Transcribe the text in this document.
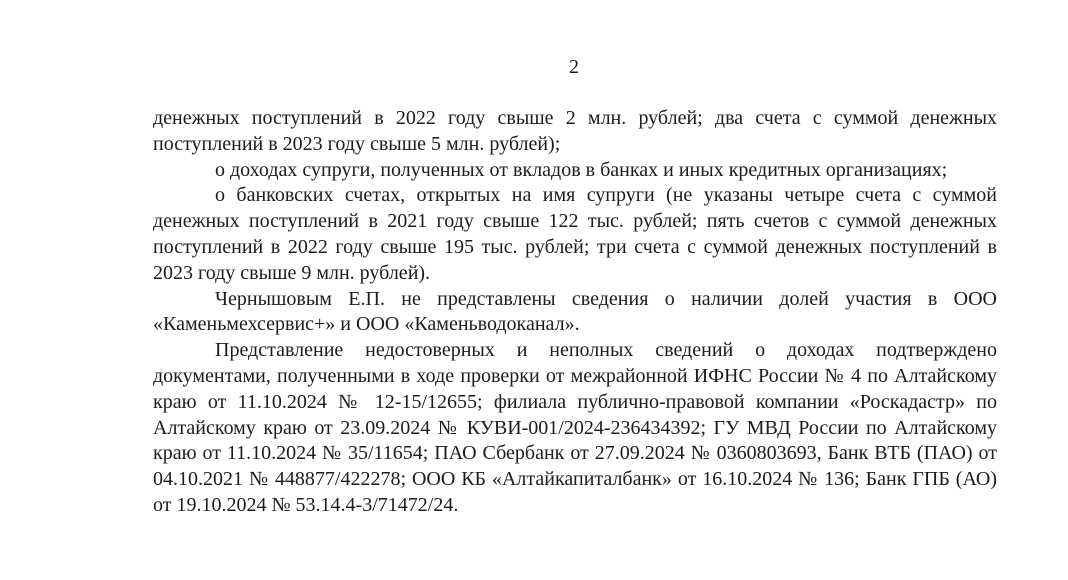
2

денежных поступлений в 2022 году свыше 2 млн. рублей; два счета с суммой денежных поступлений в 2023 году свыше 5 млн. рублей);

о доходах супруги, полученных от вкладов в банках и иных кредитных организациях;

о банковских счетах, открытых на имя супруги (не указаны четыре счета с суммой денежных поступлений в 2021 году свыше 122 тыс. рублей; пять счетов с суммой денежных поступлений в 2022 году свыше 195 тыс. рублей; три счета с суммой денежных поступлений в 2023 году свыше 9 млн. рублей).

Чернышовым Е.П. не представлены сведения о наличии долей участия в ООО «Каменьмехсервис+» и ООО «Каменьводоканал».

Представление недостоверных и неполных сведений о доходах подтверждено документами, полученными в ходе проверки от межрайонной ИФНС России № 4 по Алтайскому краю от 11.10.2024 № 12-15/12655; филиала публично-правовой компании «Роскадастр» по Алтайскому краю от 23.09.2024 № КУВИ-001/2024-236434392; ГУ МВД России по Алтайскому краю от 11.10.2024 № 35/11654; ПАО Сбербанк от 27.09.2024 № 0360803693, Банк ВТБ (ПАО) от 04.10.2021 № 448877/422278; ООО КБ «Алтайкапиталбанк» от 16.10.2024 № 136; Банк ГПБ (АО) от 19.10.2024 № 53.14.4-3/71472/24.
